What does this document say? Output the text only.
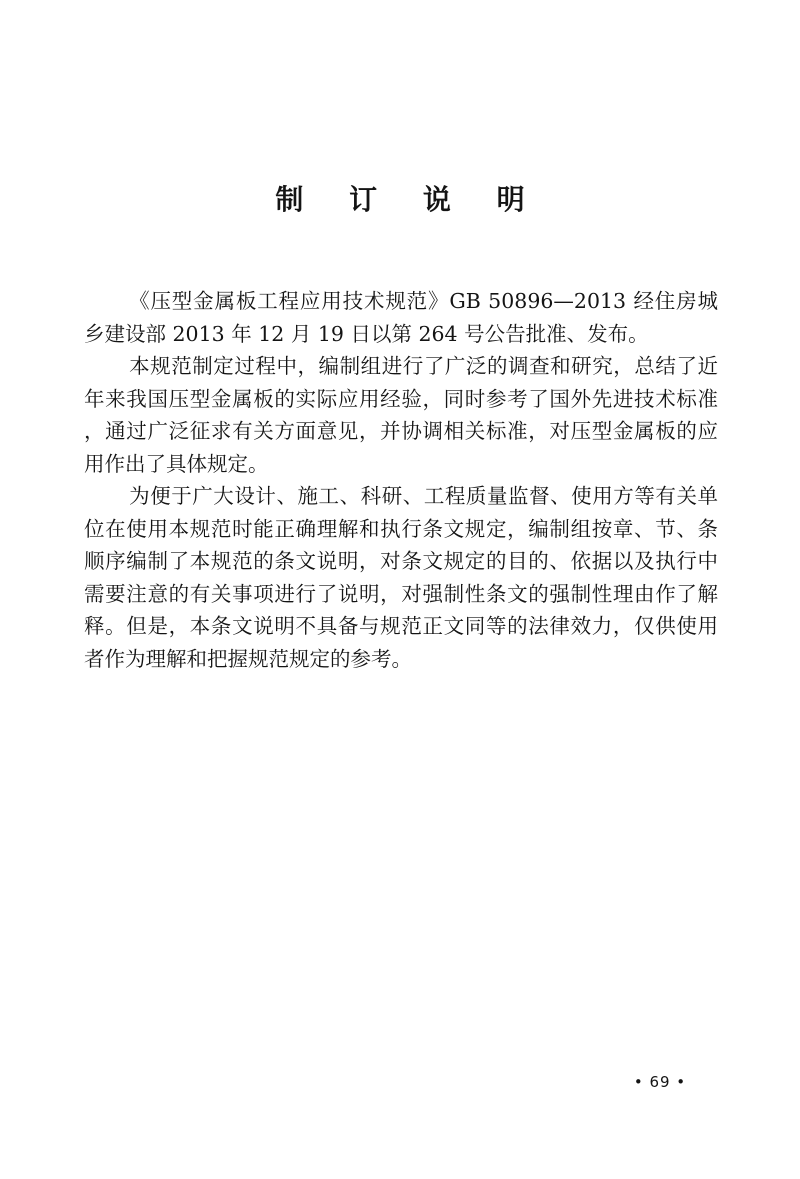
制 订 说 明

《压型金属板工程应用技术规范》GB 50896—2013 经住房城乡建设部 2013 年 12 月 19 日以第 264 号公告批准、发布。

本规范制定过程中，编制组进行了广泛的调查和研究，总结了近年来我国压型金属板的实际应用经验，同时参考了国外先进技术标准，通过广泛征求有关方面意见，并协调相关标准，对压型金属板的应用作出了具体规定。

为便于广大设计、施工、科研、工程质量监督、使用方等有关单位在使用本规范时能正确理解和执行条文规定，编制组按章、节、条顺序编制了本规范的条文说明，对条文规定的目的、依据以及执行中需要注意的有关事项进行了说明，对强制性条文的强制性理由作了解释。但是，本条文说明不具备与规范正文同等的法律效力，仅供使用者作为理解和把握规范规定的参考。

• 69 •
